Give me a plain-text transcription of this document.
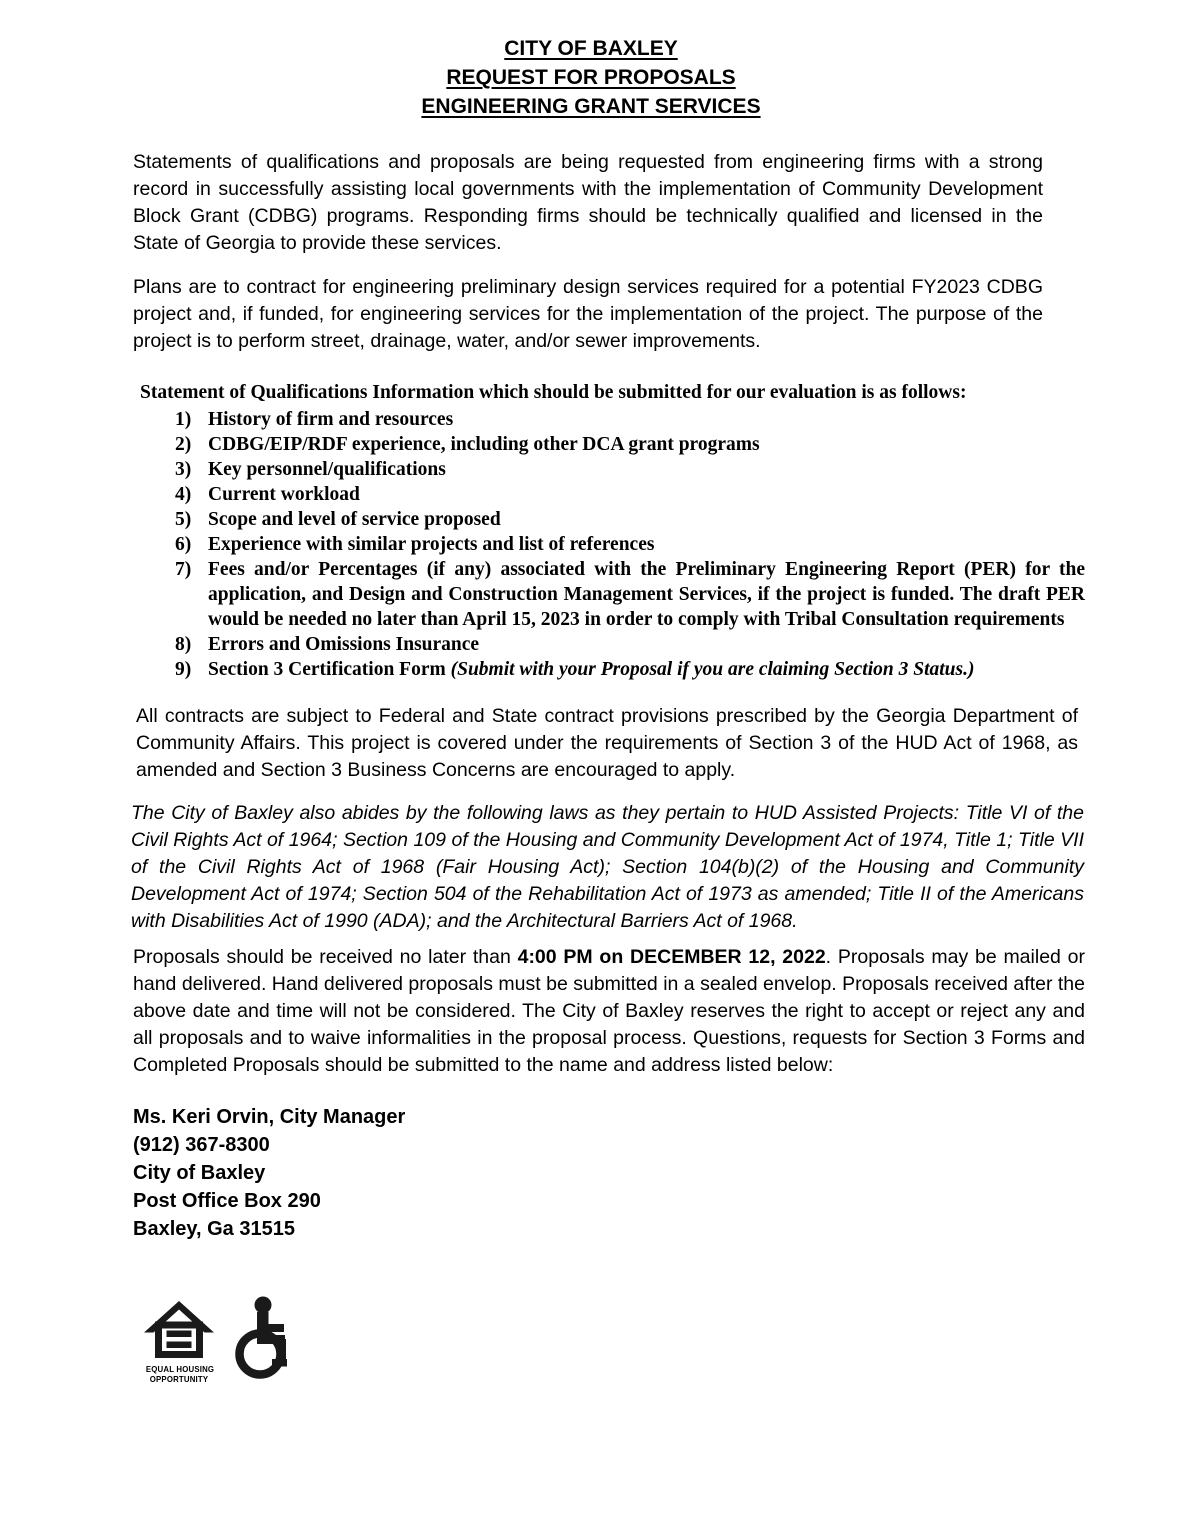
CITY OF BAXLEY
REQUEST FOR PROPOSALS
ENGINEERING GRANT SERVICES

Statements of qualifications and proposals are being requested from engineering firms with a strong record in successfully assisting local governments with the implementation of Community Development Block Grant (CDBG) programs. Responding firms should be technically qualified and licensed in the State of Georgia to provide these services.

Plans are to contract for engineering preliminary design services required for a potential FY2023 CDBG project and, if funded, for engineering services for the implementation of the project. The purpose of the project is to perform street, drainage, water, and/or sewer improvements.

Statement of Qualifications Information which should be submitted for our evaluation is as follows:
1) History of firm and resources
2) CDBG/EIP/RDF experience, including other DCA grant programs
3) Key personnel/qualifications
4) Current workload
5) Scope and level of service proposed
6) Experience with similar projects and list of references
7) Fees and/or Percentages (if any) associated with the Preliminary Engineering Report (PER) for the application, and Design and Construction Management Services, if the project is funded. The draft PER would be needed no later than April 15, 2023 in order to comply with Tribal Consultation requirements
8) Errors and Omissions Insurance
9) Section 3 Certification Form (Submit with your Proposal if you are claiming Section 3 Status.)

All contracts are subject to Federal and State contract provisions prescribed by the Georgia Department of Community Affairs. This project is covered under the requirements of Section 3 of the HUD Act of 1968, as amended and Section 3 Business Concerns are encouraged to apply.

The City of Baxley also abides by the following laws as they pertain to HUD Assisted Projects: Title VI of the Civil Rights Act of 1964; Section 109 of the Housing and Community Development Act of 1974, Title 1; Title VII of the Civil Rights Act of 1968 (Fair Housing Act); Section 104(b)(2) of the Housing and Community Development Act of 1974; Section 504 of the Rehabilitation Act of 1973 as amended; Title II of the Americans with Disabilities Act of 1990 (ADA); and the Architectural Barriers Act of 1968.

Proposals should be received no later than 4:00 PM on DECEMBER 12, 2022. Proposals may be mailed or hand delivered. Hand delivered proposals must be submitted in a sealed envelop. Proposals received after the above date and time will not be considered. The City of Baxley reserves the right to accept or reject any and all proposals and to waive informalities in the proposal process. Questions, requests for Section 3 Forms and Completed Proposals should be submitted to the name and address listed below:

Ms. Keri Orvin, City Manager
(912) 367-8300
City of Baxley
Post Office Box 290
Baxley, Ga 31515
EQUAL HOUSING
OPPORTUNITY
